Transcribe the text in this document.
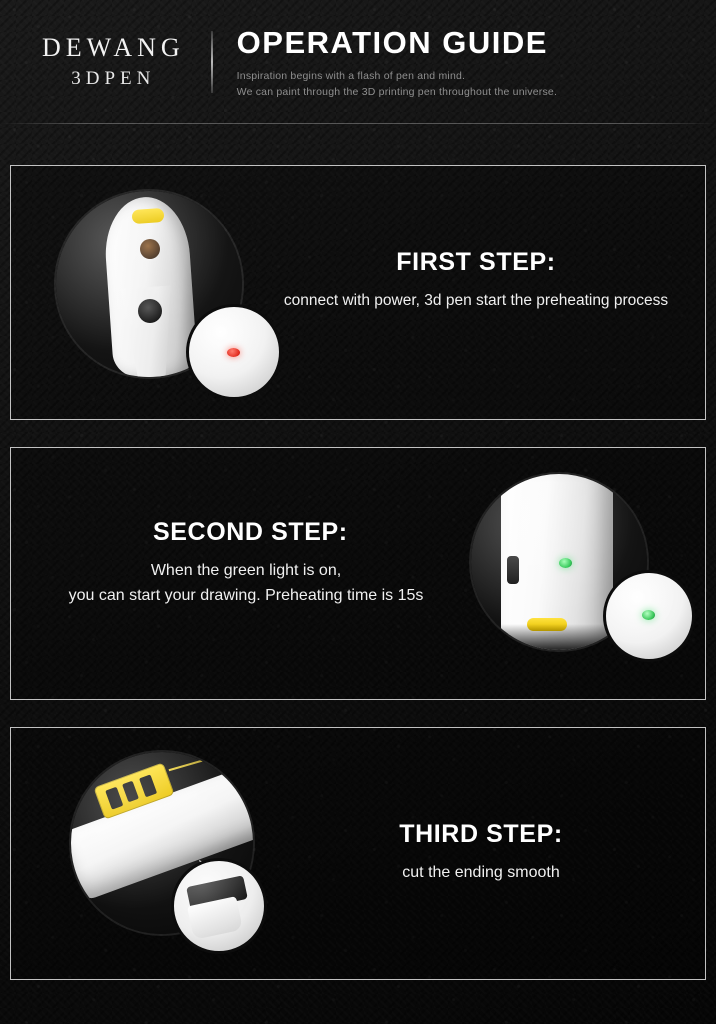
DEWANG
3DPEN
OPERATION GUIDE
Inspiration begins with a flash of pen and mind.
We can paint through the 3D printing pen throughout the universe.
FIRST STEP:
connect with power, 3d pen start the preheating process
SECOND STEP:
When the green light is on,
you can start your drawing. Preheating time is 15s
THIRD STEP:
cut the ending smooth
